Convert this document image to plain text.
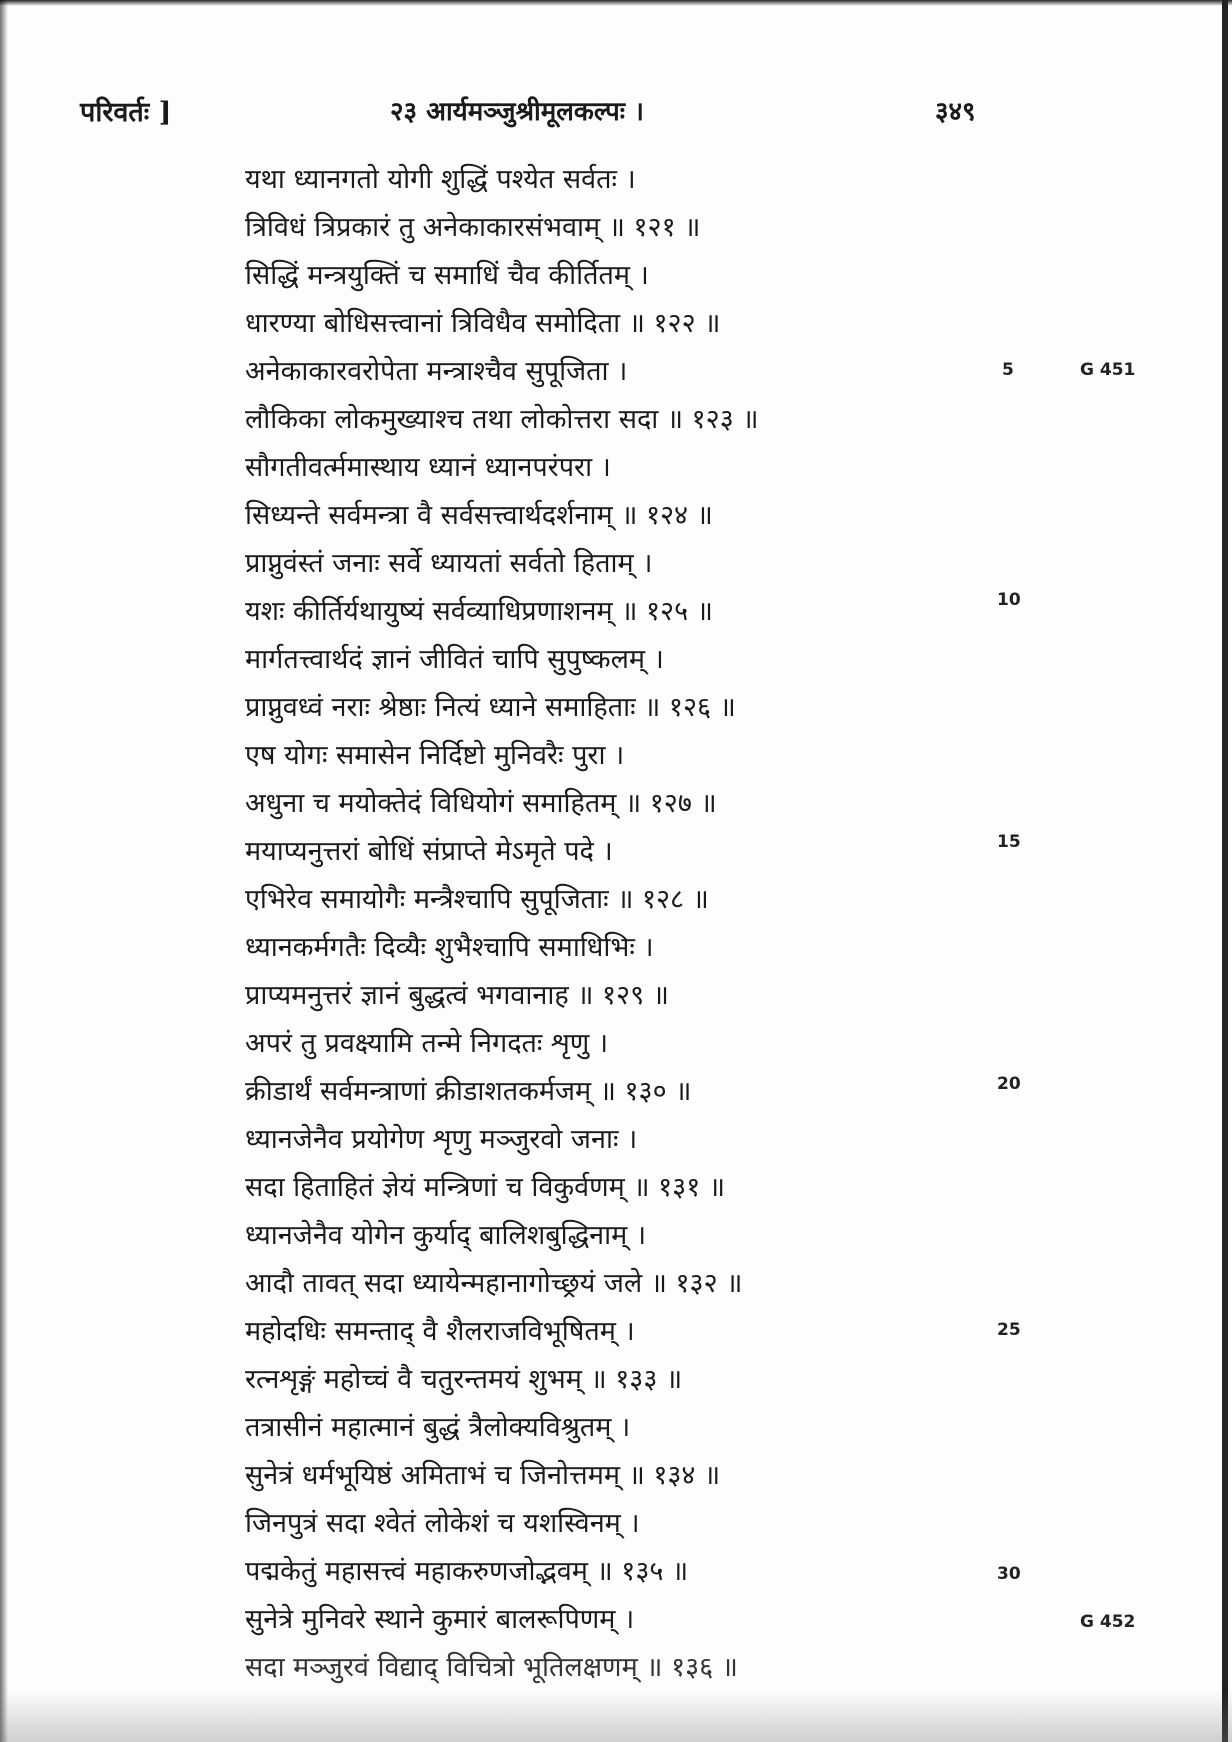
परिवर्तः ]	२३ आर्यमञ्जुश्रीमूलकल्पः ।	३४९
यथा ध्यानगतो योगी शुद्धिं पश्येत सर्वतः ।
त्रिविधं त्रिप्रकारं तु अनेकाकारसंभवाम् ॥ १२१ ॥
सिद्धिं मन्त्रयुक्तिं च समाधिं चैव कीर्तितम् ।
धारण्या बोधिसत्त्वानां त्रिविधैव समोदिता ॥ १२२ ॥
अनेकाकारवरोपेता मन्त्राश्चैव सुपूजिता ।
लौकिका लोकमुख्याश्च तथा लोकोत्तरा सदा ॥ १२३ ॥
सौगतीवर्त्ममास्थाय ध्यानं ध्यानपरंपरा ।
सिध्यन्ते सर्वमन्त्रा वै सर्वसत्त्वार्थदर्शनाम् ॥ १२४ ॥
प्राप्नुवंस्तं जनाः सर्वे ध्यायतां सर्वतो हिताम् ।
यशः कीर्तिर्यथायुष्यं सर्वव्याधिप्रणाशनम् ॥ १२५ ॥
मार्गतत्त्वार्थदं ज्ञानं जीवितं चापि सुपुष्कलम् ।
प्राप्नुवध्वं नराः श्रेष्ठाः नित्यं ध्याने समाहिताः ॥ १२६ ॥
एष योगः समासेन निर्दिष्टो मुनिवरैः पुरा ।
अधुना च मयोक्तेदं विधियोगं समाहितम् ॥ १२७ ॥
मयाप्यनुत्तरां बोधिं संप्राप्ते मेऽमृते पदे ।
एभिरेव समायोगैः मन्त्रैश्चापि सुपूजिताः ॥ १२८ ॥
ध्यानकर्मगतैः दिव्यैः शुभैश्चापि समाधिभिः ।
प्राप्यमनुत्तरं ज्ञानं बुद्धत्वं भगवानाह ॥ १२९ ॥
अपरं तु प्रवक्ष्यामि तन्मे निगदतः शृणु ।
क्रीडार्थं सर्वमन्त्राणां क्रीडाशतकर्मजम् ॥ १३० ॥
ध्यानजेनैव प्रयोगेण शृणु मञ्जुरवो जनाः ।
सदा हिताहितं ज्ञेयं मन्त्रिणां च विकुर्वणम् ॥ १३१ ॥
ध्यानजेनैव योगेन कुर्याद् बालिशबुद्धिनाम् ।
आदौ तावत् सदा ध्यायेन्महानागोच्छ्रयं जले ॥ १३२ ॥
महोदधिः समन्ताद् वै शैलराजविभूषितम् ।
रत्नशृङ्गं महोच्चं वै चतुरन्तमयं शुभम् ॥ १३३ ॥
तत्रासीनं महात्मानं बुद्धं त्रैलोक्यविश्रुतम् ।
सुनेत्रं धर्मभूयिष्ठं अमिताभं च जिनोत्तमम् ॥ १३४ ॥
जिनपुत्रं सदा श्वेतं लोकेशं च यशस्विनम् ।
पद्मकेतुं महासत्त्वं महाकरुणजोद्भवम् ॥ १३५ ॥
सुनेत्रे मुनिवरे स्थाने कुमारं बालरूपिणम् ।
सदा मञ्जुरवं विद्याद् विचित्रो भूतिलक्षणम् ॥ १३६ ॥
5
10
15
20
25
30
G 451
G 452
